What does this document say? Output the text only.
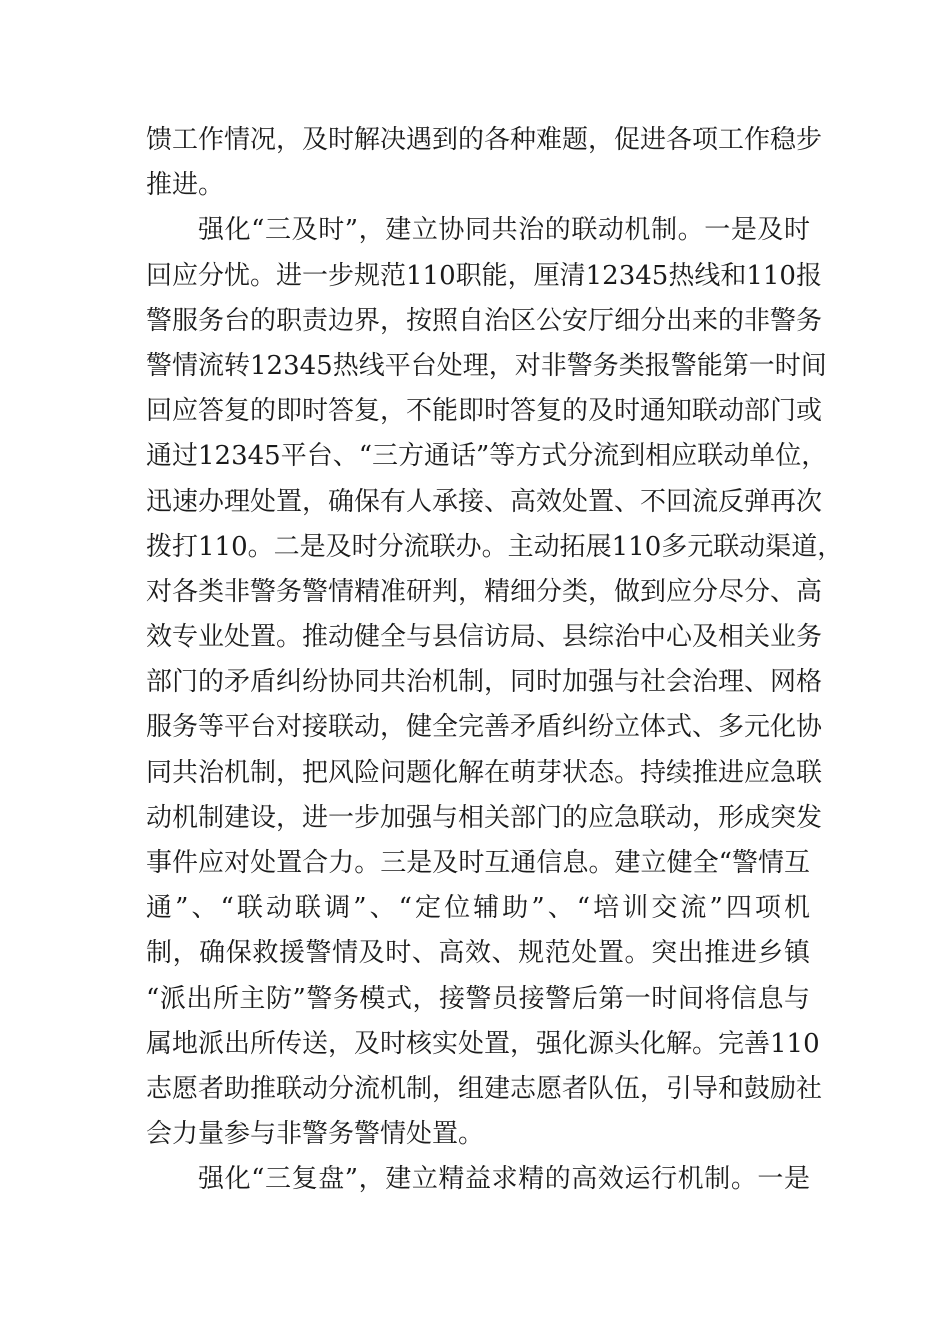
馈工作情况，及时解决遇到的各种难题，促进各项工作稳步
推进。
强化“三及时”，建立协同共治的联动机制。一是及时
回应分忧。进一步规范110职能，厘清12345热线和110报
警服务台的职责边界，按照自治区公安厅细分出来的非警务
警情流转12345热线平台处理，对非警务类报警能第一时间
回应答复的即时答复，不能即时答复的及时通知联动部门或
通过12345平台、“三方通话”等方式分流到相应联动单位，
迅速办理处置，确保有人承接、高效处置、不回流反弹再次
拨打110。二是及时分流联办。主动拓展110多元联动渠道，
对各类非警务警情精准研判，精细分类，做到应分尽分、高
效专业处置。推动健全与县信访局、县综治中心及相关业务
部门的矛盾纠纷协同共治机制，同时加强与社会治理、网格
服务等平台对接联动，健全完善矛盾纠纷立体式、多元化协
同共治机制，把风险问题化解在萌芽状态。持续推进应急联
动机制建设，进一步加强与相关部门的应急联动，形成突发
事件应对处置合力。三是及时互通信息。建立健全“警情互
通”、“联动联调”、“定位辅助”、“培训交流”四项机
制，确保救援警情及时、高效、规范处置。突出推进乡镇
“派出所主防”警务模式，接警员接警后第一时间将信息与
属地派出所传送，及时核实处置，强化源头化解。完善110
志愿者助推联动分流机制，组建志愿者队伍，引导和鼓励社
会力量参与非警务警情处置。
强化“三复盘”，建立精益求精的高效运行机制。一是
